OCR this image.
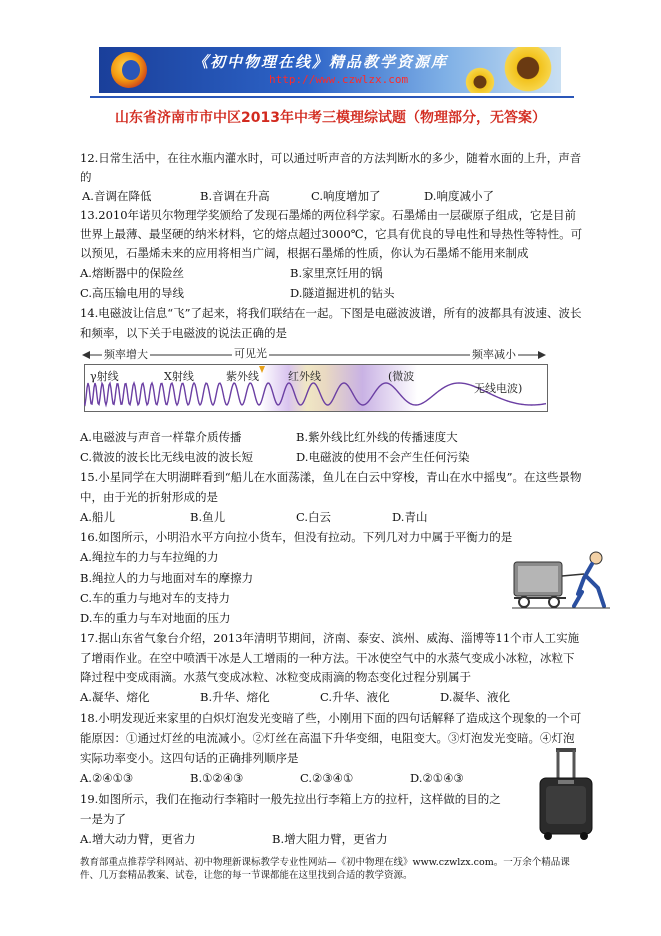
《初中物理在线》精品教学资源库
http://www.czwlzx.com
山东省济南市市中区2013年中考三模理综试题（物理部分，无答案）
12.日常生活中，在往水瓶内灌水时，可以通过听声音的方法判断水的多少，随着水面的上升，声音
的
A.音调在降低	B.音调在升高	C.响度增加了	D.响度减小了
13.2010年诺贝尔物理学奖颁给了发现石墨烯的两位科学家。石墨烯由一层碳原子组成，它是目前
世界上最薄、最坚硬的纳米材料，它的熔点超过3000℃，它具有优良的导电性和导热性等特性。可
以预见，石墨烯未来的应用将相当广阔，根据石墨烯的性质，你认为石墨烯不能用来制成
A.熔断器中的保险丝	B.家里烹饪用的锅
C.高压输电用的导线	D.隧道掘进机的钻头
14.电磁波让信息“飞”了起来，将我们联结在一起。下图是电磁波波谱，所有的波都具有波速、波长
和频率，以下关于电磁波的说法正确的是
频率增大	可见光	频率减小
γ射线	X射线	紫外线	红外线	(微波
无线电波)
A.电磁波与声音一样靠介质传播	B.紫外线比红外线的传播速度大
C.微波的波长比无线电波的波长短	D.电磁波的使用不会产生任何污染
15.小星同学在大明湖畔看到“船儿在水面荡漾，鱼儿在白云中穿梭，青山在水中摇曳”。在这些景物
中，由于光的折射形成的是
A.船儿	B.鱼儿	C.白云	D.青山
16.如图所示，小明沿水平方向拉小货车，但没有拉动。下列几对力中属于平衡力的是
A.绳拉车的力与车拉绳的力
B.绳拉人的力与地面对车的摩擦力
C.车的重力与地对车的支持力
D.车的重力与车对地面的压力
17.据山东省气象台介绍，2013年清明节期间，济南、泰安、滨州、威海、淄博等11个市人工实施
了增雨作业。在空中喷洒干冰是人工增雨的一种方法。干冰使空气中的水蒸气变成小冰粒，冰粒下
降过程中变成雨滴。水蒸气变成冰粒、冰粒变成雨滴的物态变化过程分别属于
A.凝华、熔化	B.升华、熔化	C.升华、液化	D.凝华、液化
18.小明发现近来家里的白炽灯泡发光变暗了些，小刚用下面的四句话解释了造成这个现象的一个可
能原因：①通过灯丝的电流减小。②灯丝在高温下升华变细，电阻变大。③灯泡发光变暗。④灯泡
实际功率变小。这四句话的正确排列顺序是
A.②④①③	B.①②④③	C.②③④①	D.②①④③
19.如图所示，我们在拖动行李箱时一般先拉出行李箱上方的拉杆，这样做的目的之
一是为了
A.增大动力臂，更省力	B.增大阻力臂，更省力
教育部重点推荐学科网站、初中物理新课标教学专业性网站—《初中物理在线》www.czwlzx.com。一万余个精品课
件、几万套精品教案、试卷，让您的每一节课都能在这里找到合适的教学资源。
